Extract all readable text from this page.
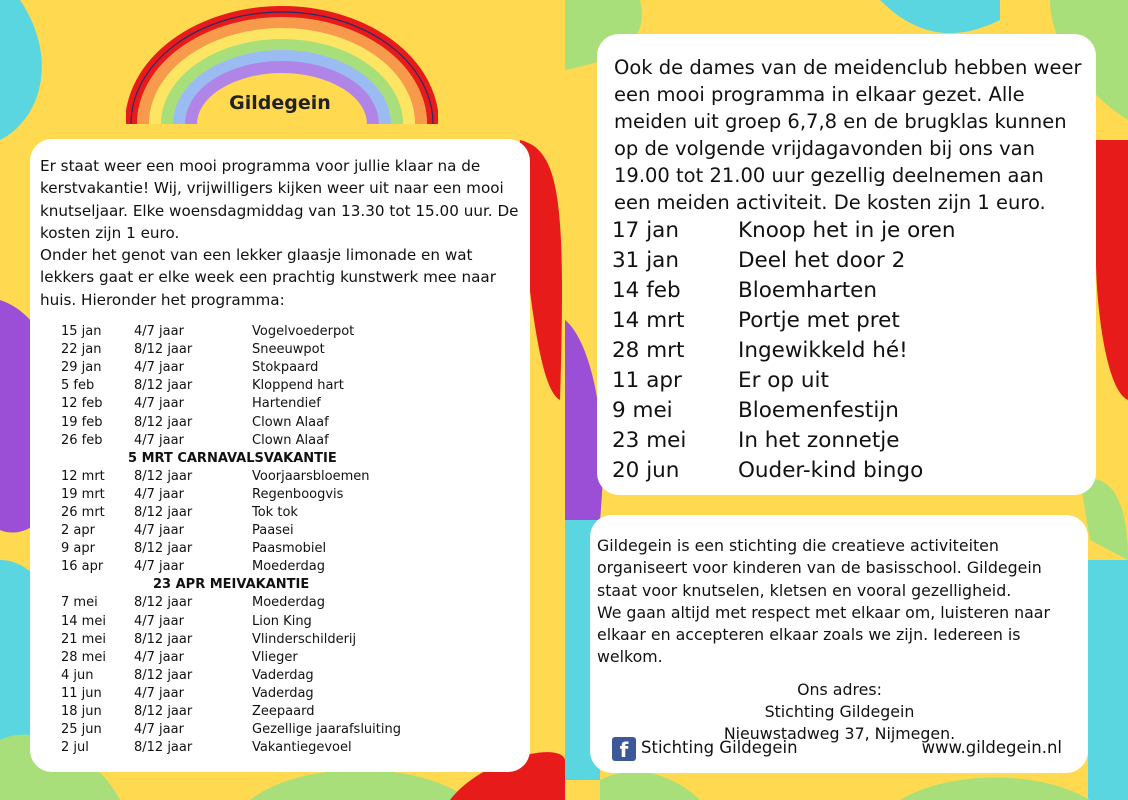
Gildegein

Er staat weer een mooi programma voor jullie klaar na de kerstvakantie! Wij, vrijwilligers kijken weer uit naar een mooi knutseljaar. Elke woensdagmiddag van 13.30 tot 15.00 uur. De kosten zijn 1 euro.

Onder het genot van een lekker glaasje limonade en wat lekkers gaat er elke week een prachtig kunstwerk mee naar huis. Hieronder het programma:

15 jan	4/7 jaar	Vogelvoederpot
22 jan	8/12 jaar	Sneeuwpot
29 jan	4/7 jaar	Stokpaard
5 feb	8/12 jaar	Kloppend hart
12 feb 4/7 jaar	Hartendief
19 feb 8/12 jaar	Clown Alaaf
26 feb 4/7 jaar	Clown Alaaf
5 MRT CARNAVALSVAKANTIE
12 mrt 8/12 jaar	Voorjaarsbloemen
19 mrt 4/7 jaar	Regenboogvis
26 mrt 8/12 jaar	Tok tok
2 apr	4/7 jaar	Paasei
9 apr	8/12 jaar	Paasmobiel
16 apr 4/7 jaar	Moederdag
23 APR MEIVAKANTIE
7 mei	8/12 jaar	Moederdag
14 mei 4/7 jaar	Lion King
21 mei 8/12 jaar	Vlinderschilderij
28 mei 4/7 jaar	Vlieger
4 jun	8/12 jaar	Vaderdag
11 jun 4/7 jaar	Vaderdag
18 jun 8/12 jaar	Zeepaard
25 jun 4/7 jaar	Gezellige jaarafsluiting
2 jul	8/12 jaar	Vakantiegevoel

Ook de dames van de meidenclub hebben weer een mooi programma in elkaar gezet. Alle meiden uit groep 6,7,8 en de brugklas kunnen op de volgende vrijdagavonden bij ons van 19.00 tot 21.00 uur gezellig deelnemen aan een meiden activiteit. De kosten zijn 1 euro.

17 jan	Knoop het in je oren
31 jan	Deel het door 2
14 feb	Bloemharten
14 mrt Portje met pret
28 mrt Ingewikkeld hé!
11 apr	Er op uit
9 mei	Bloemenfestijn
23 mei In het zonnetje
20 jun	Ouder-kind bingo

Gildegein is een stichting die creatieve activiteiten organiseert voor kinderen van de basisschool. Gildegein staat voor knutselen, kletsen en vooral gezelligheid.

We gaan altijd met respect met elkaar om, luisteren naar elkaar en accepteren elkaar zoals we zijn. Iedereen is welkom.

Ons adres:
Stichting Gildegein
Nieuwstadweg 37, Nijmegen.
f Stichting Gildegein	www.gildegein.nl
